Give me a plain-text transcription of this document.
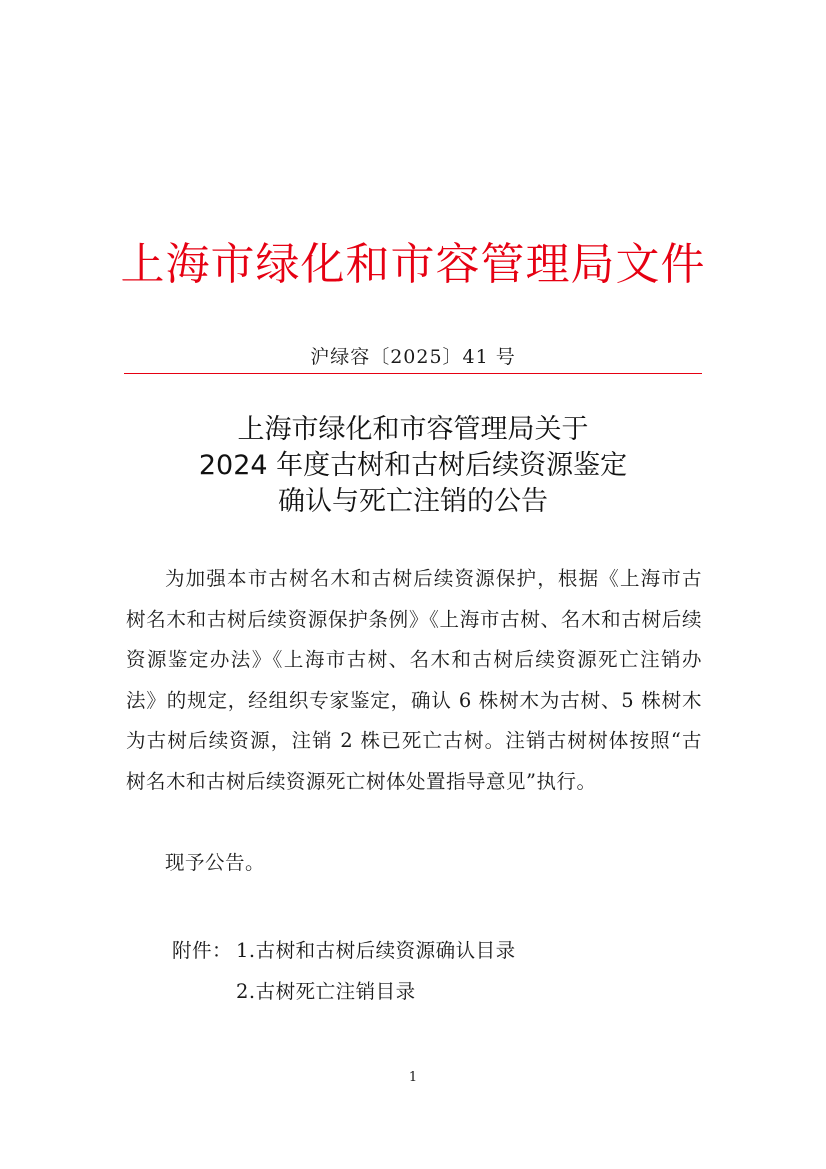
上海市绿化和市容管理局文件
沪绿容〔2025〕41 号
上海市绿化和市容管理局关于
2024 年度古树和古树后续资源鉴定
确认与死亡注销的公告

为加强本市古树名木和古树后续资源保护，根据《上海市古树名木和古树后续资源保护条例》《上海市古树、名木和古树后续资源鉴定办法》《上海市古树、名木和古树后续资源死亡注销办法》的规定，经组织专家鉴定，确认 6 株树木为古树、5 株树木为古树后续资源，注销 2 株已死亡古树。注销古树树体按照“古树名木和古树后续资源死亡树体处置指导意见”执行。

现予公告。

附件： 1.古树和古树后续资源确认目录
2.古树死亡注销目录
1
